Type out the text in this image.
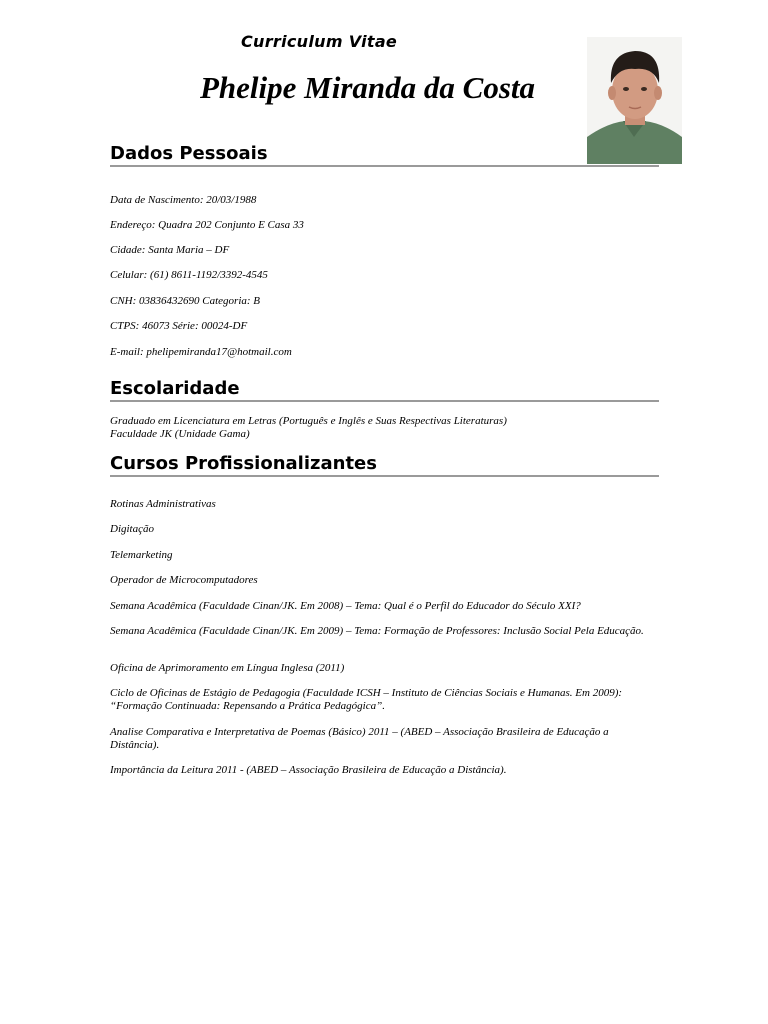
Curriculum Vitae
Phelipe Miranda da Costa
Dados Pessoais
Data de Nascimento: 20/03/1988
Endereço: Quadra 202 Conjunto E Casa 33
Cidade: Santa Maria – DF
Celular: (61) 8611-1192/3392-4545
CNH: 03836432690 Categoria: B
CTPS: 46073 Série: 00024-DF
E-mail: phelipemiranda17@hotmail.com
Escolaridade
Graduado em Licenciatura em Letras (Português e Inglês e Suas Respectivas Literaturas)
Faculdade JK (Unidade Gama)
Cursos Profissionalizantes
Rotinas Administrativas
Digitação
Telemarketing
Operador de Microcomputadores
Semana Acadêmica (Faculdade Cinan/JK. Em 2008) – Tema: Qual é o Perfil do Educador do Século XXI?
Semana Acadêmica (Faculdade Cinan/JK. Em 2009) – Tema: Formação de Professores: Inclusão Social Pela Educação.
Oficina de Aprimoramento em Língua Inglesa (2011)
Ciclo de Oficinas de Estágio de Pedagogia (Faculdade ICSH – Instituto de Ciências Sociais e Humanas. Em 2009): “Formação Continuada: Repensando a Prática Pedagógica”.
Analise Comparativa e Interpretativa de Poemas (Básico) 2011 – (ABED – Associação Brasileira de Educação a Distância).
Importância da Leitura 2011 - (ABED – Associação Brasileira de Educação a Distância).
